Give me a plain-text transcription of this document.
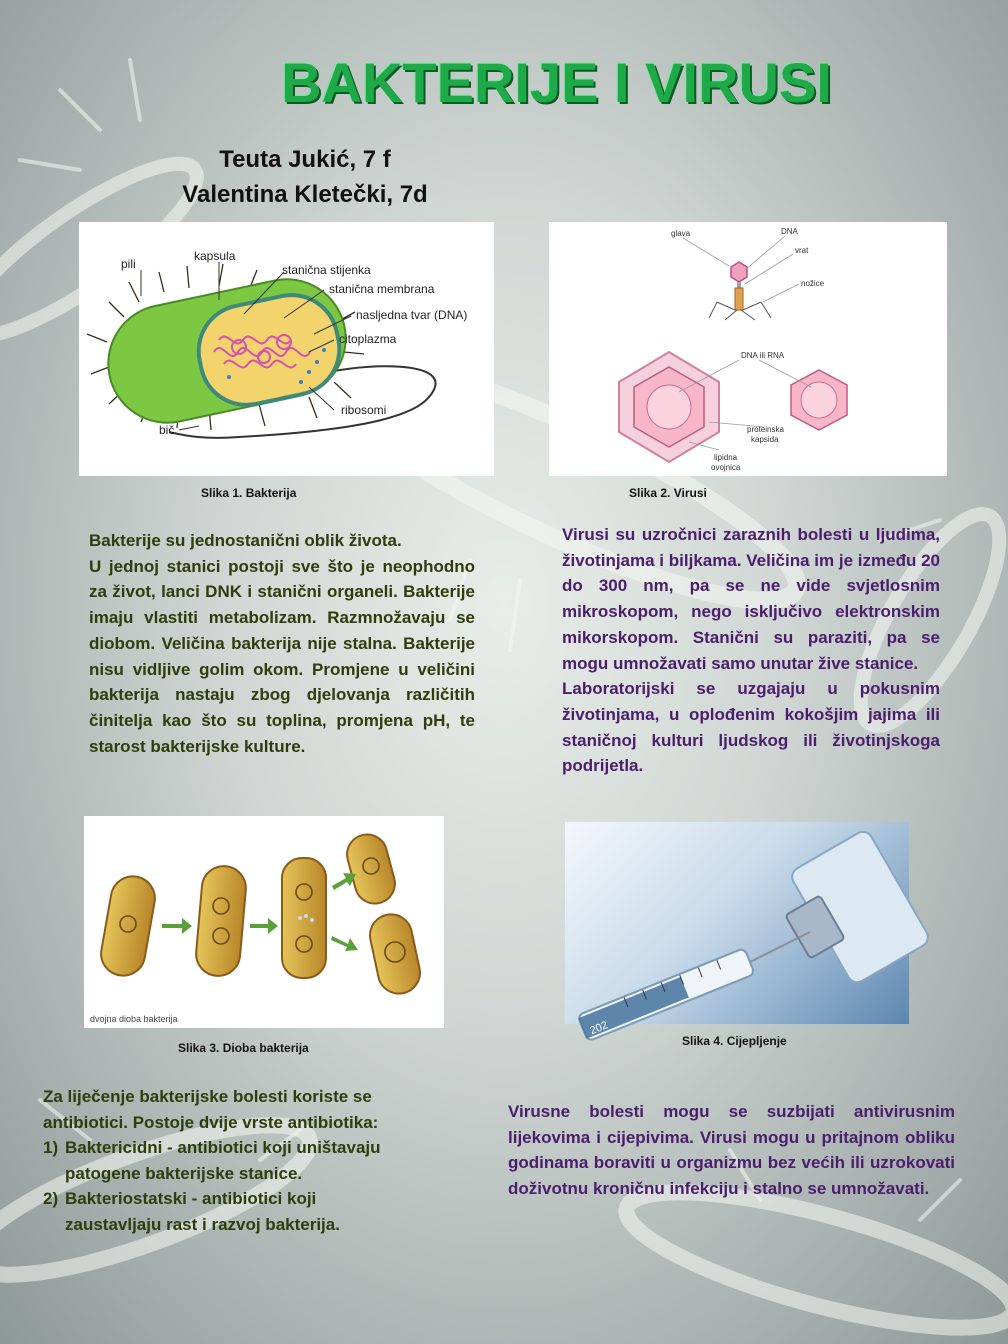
BAKTERIJE I VIRUSI
Teuta Jukić, 7 f
Valentina Kletečki, 7d
pili
kapsula
stanična stijenka
stanična membrana
nasljedna tvar (DNA)
citoplazma
ribosomi
bič
Slika 1. Bakterija
glava	DNA
vrat
nožice
DNA ili RNA
proteinska
kapsida
lipidna
ovojnica
Slika 2. Virusi

Bakterije su jednostanični oblik života.

U jednoj stanici postoji sve što je neophodno za život, lanci DNK i stanični organeli. Bakterije imaju vlastiti metabolizam. Razmnožavaju se diobom. Veličina bakterija nije stalna. Bakterije nisu vidljive golim okom. Promjene u veličini bakterija nastaju zbog djelovanja različitih činitelja kao što su toplina, promjena pH, te starost bakterijske kulture.

Virusi su uzročnici zaraznih bolesti u ljudima, životinjama i biljkama. Veličina im je između 20 do 300 nm, pa se ne vide svjetlosnim mikroskopom, nego isključivo elektronskim mikorskopom. Stanični su paraziti, pa se mogu umnožavati samo unutar žive stanice.

Laboratorijski se uzgajaju u pokusnim životinjama, u oplođenim kokošjim jajima ili staničnoj kulturi ljudskog ili životinjskoga podrijetla.

dvojna dioba bakterija
Slika 3. Dioba bakterija
202
Slika 4. Cijepljenje

Za liječenje bakterijske bolesti koriste se

antibiotici. Postoje dvije vrste antibiotika:

1) Baktericidni - antibiotici koji uništavaju

patogene bakterijske stanice.

2) Bakteriostatski - antibiotici koji

zaustavljaju rast i razvoj bakterija.

Virusne bolesti mogu se suzbijati antivirusnim lijekovima i cijepivima. Virusi mogu u pritajnom obliku godinama boraviti u organizmu bez većih ili uzrokovati doživotnu kroničnu infekciju i stalno se umnožavati.
